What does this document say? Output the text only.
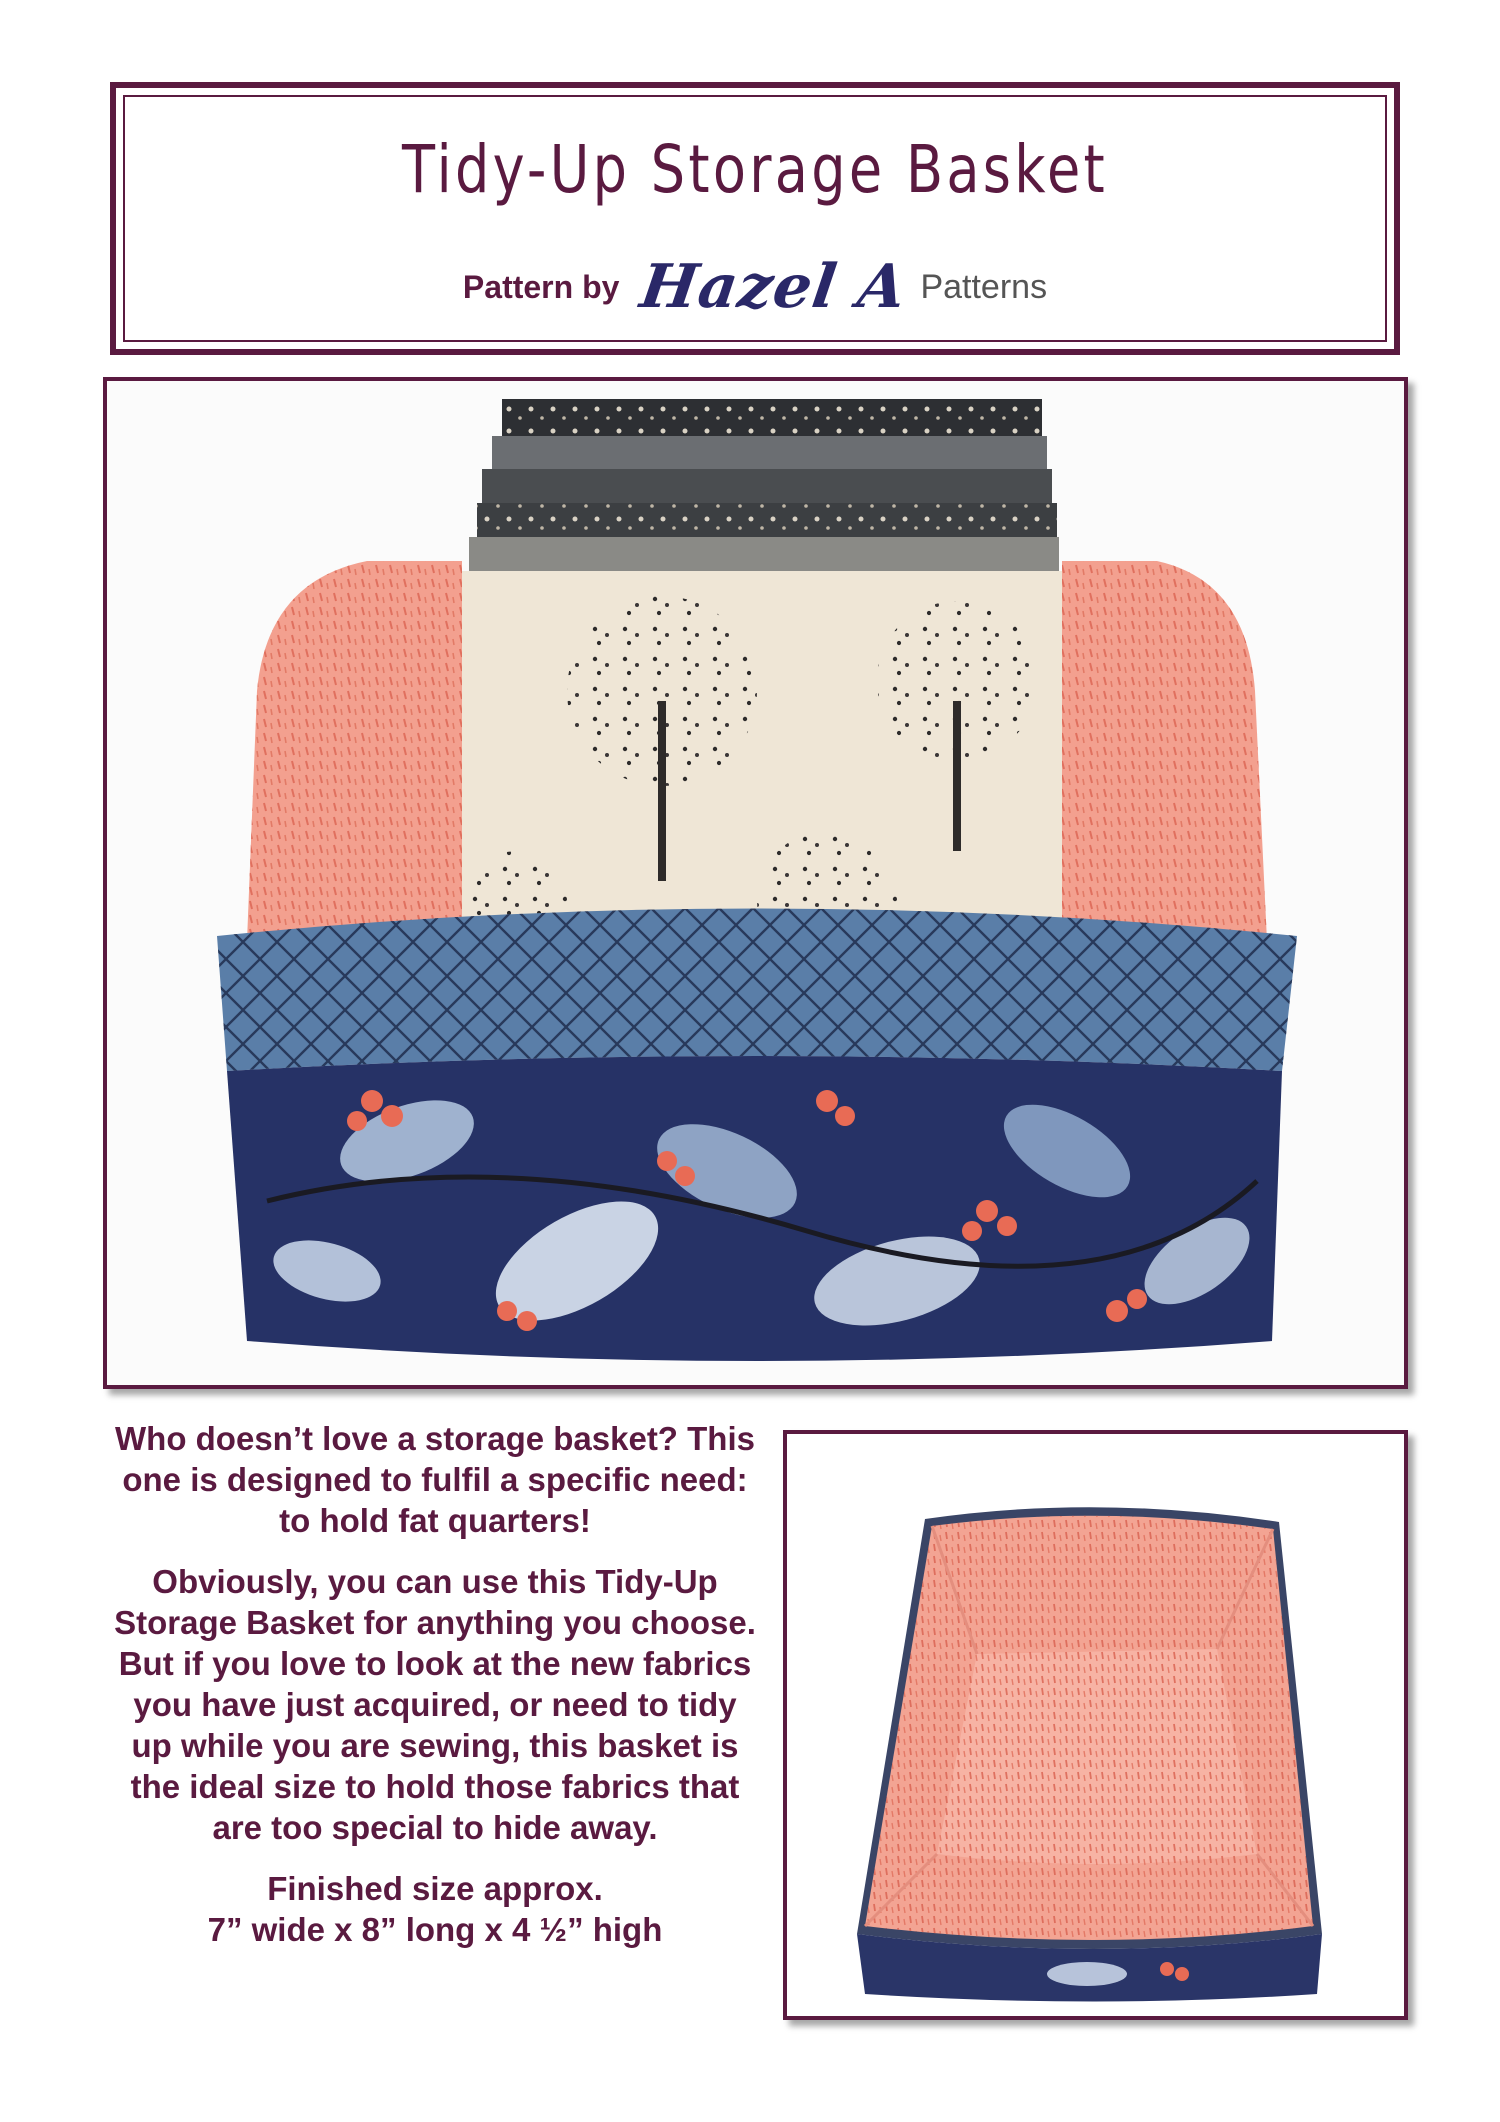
Tidy-Up Storage Basket
Pattern by Hazel A Patterns

Who doesn’t love a storage basket? This one is designed to fulfil a specific need: to hold fat quarters!

Obviously, you can use this Tidy-Up Storage Basket for anything you choose. But if you love to look at the new fabrics you have just acquired, or need to tidy up while you are sewing, this basket is the ideal size to hold those fabrics that are too special to hide away.

Finished size approx.
7” wide x 8” long x 4 ½” high
